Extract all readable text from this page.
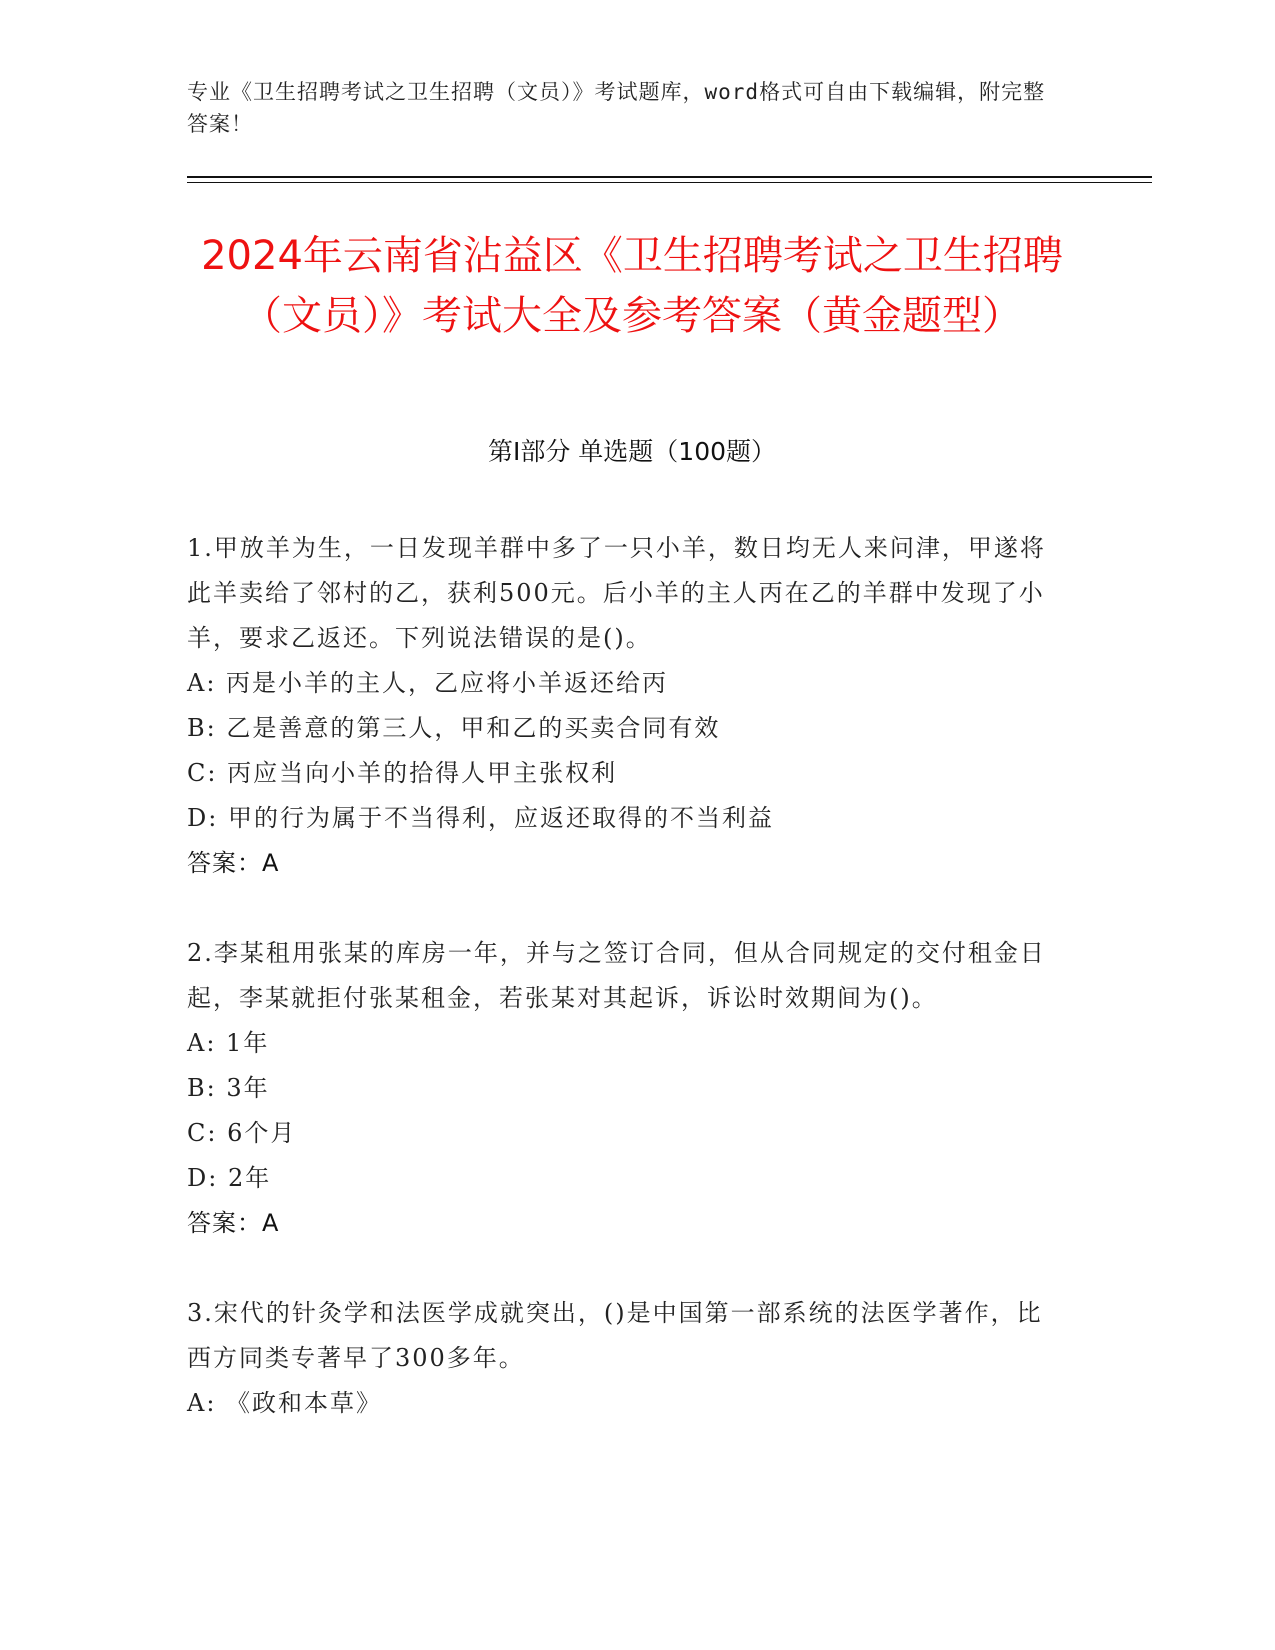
专业《卫生招聘考试之卫生招聘（文员）》考试题库，word格式可自由下载编辑，附完整答案！
2024年云南省沾益区《卫生招聘考试之卫生招聘（文员）》考试大全及参考答案（黄金题型）
第I部分 单选题（100题）
1.甲放羊为生，一日发现羊群中多了一只小羊，数日均无人来问津，甲遂将此羊卖给了邻村的乙，获利500元。后小羊的主人丙在乙的羊群中发现了小羊，要求乙返还。下列说法错误的是()。
A: 丙是小羊的主人，乙应将小羊返还给丙
B: 乙是善意的第三人，甲和乙的买卖合同有效
C: 丙应当向小羊的拾得人甲主张权利
D: 甲的行为属于不当得利，应返还取得的不当利益
答案：A
2.李某租用张某的库房一年，并与之签订合同，但从合同规定的交付租金日起，李某就拒付张某租金，若张某对其起诉，诉讼时效期间为()。
A: 1年
B: 3年
C: 6个月
D: 2年
答案：A
3.宋代的针灸学和法医学成就突出，()是中国第一部系统的法医学著作，比西方同类专著早了300多年。
A: 《政和本草》
